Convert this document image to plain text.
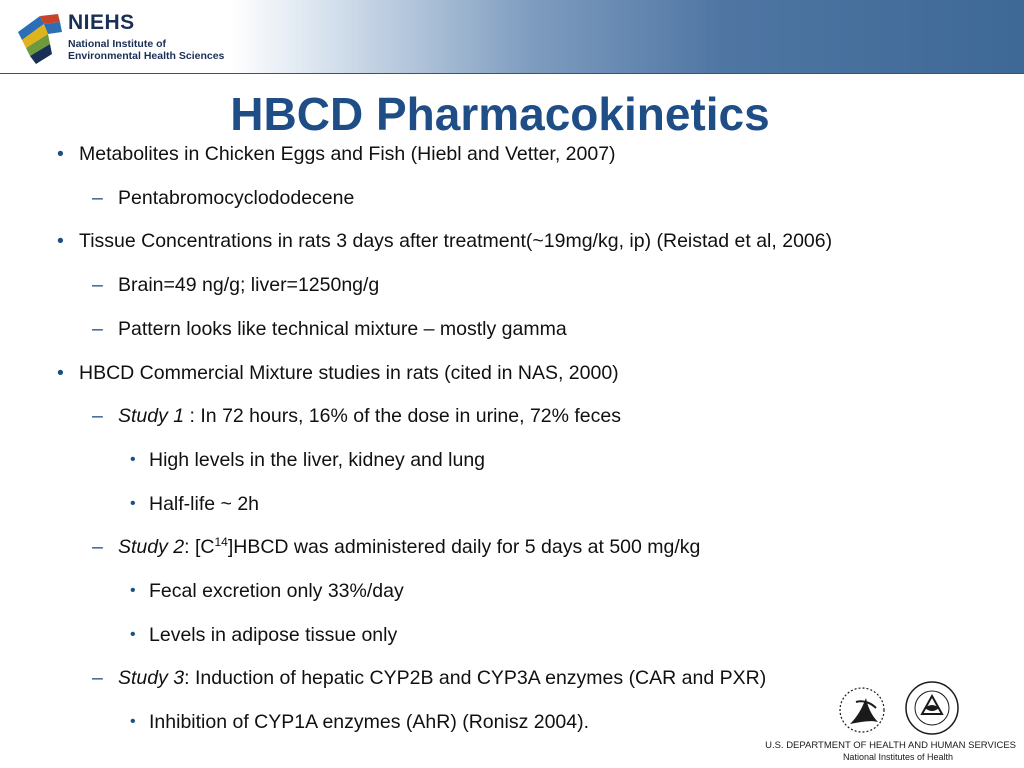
NIEHS
National Institute of
Environmental Health Sciences
HBCD Pharmacokinetics
• Metabolites in Chicken Eggs and Fish (Hiebl and Vetter, 2007)
– Pentabromocyclododecene
• Tissue Concentrations in rats 3 days after treatment(~19mg/kg, ip) (Reistad et al, 2006)
– Brain=49 ng/g; liver=1250ng/g
– Pattern looks like technical mixture – mostly gamma
• HBCD Commercial Mixture studies in rats (cited in NAS, 2000)
– Study 1 : In 72 hours, 16% of the dose in urine, 72% feces
• High levels in the liver, kidney and lung
• Half-life ~ 2h
– Study 2: $[C^{14}]HBCD$ was administered daily for 5 days at 500 mg/kg
• Fecal excretion only 33%/day
• Levels in adipose tissue only
– Study 3: Induction of hepatic CYP2B and CYP3A enzymes (CAR and PXR)
• Inhibition of CYP1A enzymes (AhR) (Ronisz 2004).
U.S. DEPARTMENT OF HEALTH AND HUMAN SERVICES
National Institutes of Health
